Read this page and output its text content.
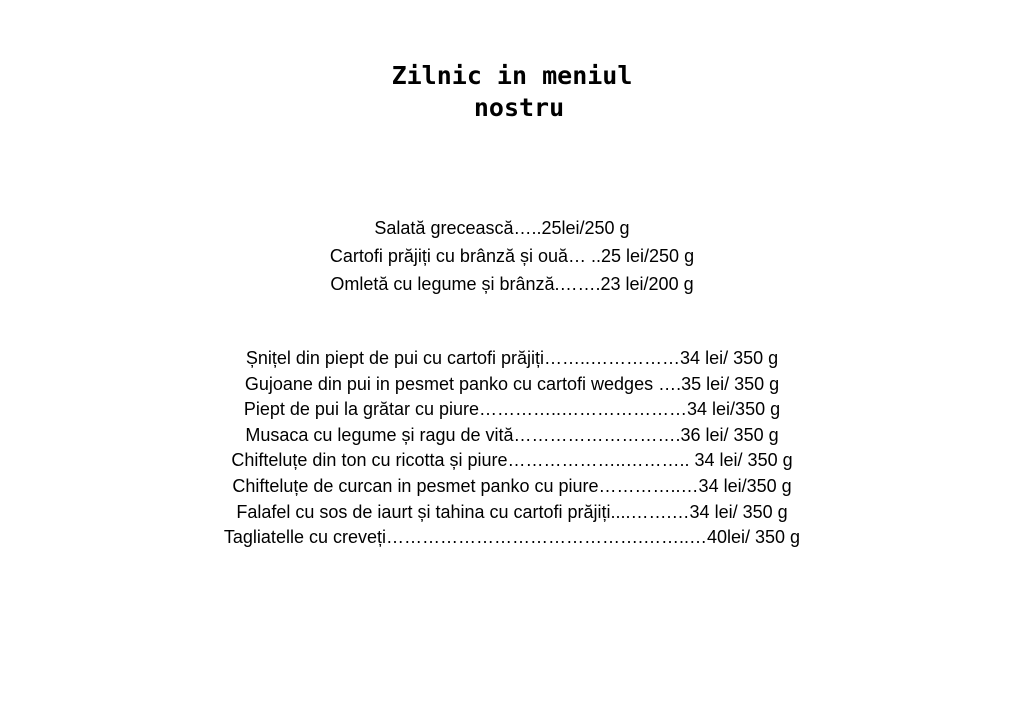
Zilnic in meniul
nostru
Salată grecească…..25lei/250 g
Cartofi prăjiți cu brânză și ouă… ..25 lei/250 g
Omletă cu legume și brânză.…….23 lei/200 g
Șnițel din piept de pui cu cartofi prăjiți……..……………34 lei/ 350 g
Gujoane din pui in pesmet panko cu cartofi wedges ….35 lei/ 350 g
Piept de pui la grătar cu piure…………..…………………34 lei/350 g
Musaca cu legume și ragu de vită……………………….36 lei/ 350 g
Chifteluțe din ton cu ricotta și piure………………..……….. 34 lei/ 350 g
Chifteluțe de curcan in pesmet panko cu piure…………..…34 lei/350 g
Falafel cu sos de iaurt și tahina cu cartofi prăjiți....…….…34 lei/ 350 g
Tagliatelle cu creveți…………………………………….……..…40lei/ 350 g
